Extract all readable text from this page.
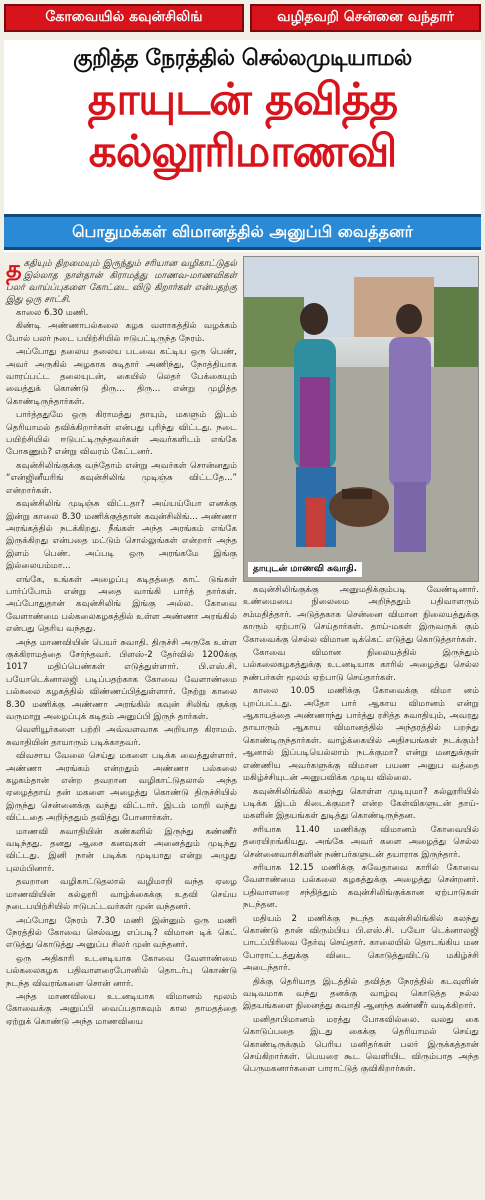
கோவையில் கவுன்சிலிங்	வழிதவறி சென்னை வந்தார்
குறித்த நேரத்தில் செல்லமுடியாமல்
தாயுடன் தவித்த
கல்லூரிமாணவி
பொதுமக்கள் விமானத்தில் அனுப்பி வைத்தனர்

தகதியும் திறமையும் இருந்தும் சரியான வழிகாட்டுதல் இல்லாத நாள்தான் கிராமத்து மாணவ-மாணவிகள் பலர் வாய்ப்புகளை கோட்டை விடு கிறார்கள் என்பதற்கு இது ஒரு சாட்சி.

காலை 6.30 மணி.

கிண்டி அண்ணாபல்கலை கழக வளாகத்தில் வழக்கம் போல் பலர் நடை பயிற்சியில் ஈடுபட்டிருந்த நேரம்.

அப்போது தலைய தலைய படவை கட்டிய ஒரு பெண், அவர் அருகில் அழகாக சுடிதார் அணிந்து, நோத்தியாக வாரப்பட்ட தலையுடன், கையில் லெதர் பேக்கையும் வைத்துக் கொண்டு திரு... திரு... என்று முழித்த கொண்டிருந்தார்கள்.

பார்த்ததுமே ஒரு கிராமத்து தாயும், மகளும் இடம் தெரியாமல் தவிக்கிறார்கள் என்பது புரிந்து விட்டது. நடை பயிற்சியில் ஈடுபட்டிருந்தவர்கள் அவர்களிடம் எங்கே போகணும்? என்று விவரம் கேட்டனர்.

கவுன்சிலிங்குக்கு வந்தோம் என்று அவர்கள் சொன்னதும் “என்ஜினீயரிங் கவுன்சிலிங் முடிஞ்சு விட்டதே...” என்றார்கள்.

கவுன்சிலிங் முடிஞ்சு விட்டதா? அய்யய்யோ எனக்கு இன்று காலை 8.30 மணிக்குத்தான் கவுன்சிலிங்... அண்ணா அரங்கத்தில் நடக்கிறது. நீங்கள் அந்த அரங்கம் எங்கே இருக்கிறது என்பதை மட்டும் சொல்லுங்கள் என்றார் அந்த இளம் பெண். அப்படி ஒரு அரங்கமே இங்கு இல்லையம்மா...

எங்கே, உங்கள் அழைப்பு கடிதத்தை காட் டுங்கள் பார்ப்போம் என்று அதை வாங்கி பார்த் தார்கள். அப்போதுதான் கவுன்சிலிங் இங்கு அல்ல. கோவை வேளாண்மை பல்கலைகழகத்தில் உள்ள அண்ணா அரங்கில் என்பது தெரிய வந்தது.

அந்த மாணவியின் பெயர் சுவாதி. திருச்சி அருகே உள்ள குக்கிராமத்தை சேர்ந்தவர். பிளஸ்-2 தேர்வில் 1200க்கு 1017 மதிப்பெண்கள் எடுத்துள்ளார். பி.எஸ்.சி. பயோடெக்னாலஜி படிப்பதற்காக கோவை வேளாண்மை பல்கலை கழகத்தில் விண்ணப்பித்துள்ளார். நேற்று காலை 8.30 மணிக்கு அண்ணா அரங்கில் கவுன் சிலிங் குக்கு வருமாறு அழைப்புக் கடிதம் அனுப்பி இருந் தார்கள்.

வெளியூர்களை பற்றி அவ்வளவாக அறியாத கிராமம். சுவாதியின் தாயாரும் படிக்காதவர்.

விவசாய வேலை செய்து மகளை படிக்க வைத்துள்ளார். அண்ணா அரங்கம் என்றதும் அண்ணா பல்கலை கழகம்தான் என்ற தவறான வழிகாட்டுதலால் அந்த ஏழைத்தாய் தன் மகளை அழைத்து கொண்டு திருச்சியில் இருந்து சென்னைக்கு வந்து விட்டார். இடம் மாறி வந்து விட்டதை அறிந்ததும் தவித்து போனார்கள்.

மாணவி சுவாதியின் கண்களில் இருந்து கண்ணீர் வடிந்தது. தனது ஆசை கனவுகள் அனைத்தும் முடிந்து விட்டது. இனி நான் படிக்க முடியாது என்று அழுது புலம்பினார்.

தவறான வழிகாட்டுதலால் வழிமாறி வந்த ஏழை மாணவியின் கல்லூரி வாழ்க்கைக்கு உதவி செய்ய நடைபயிற்சியில் ஈடுபட்டவர்கள் முன் வந்தனர்.

அப்போது நேரம் 7.30 மணி இன்னும் ஒரு மணி நேரத்தில் கோவை செல்வது எப்படி? விமான டிக் கெட் எடுத்து கொடுத்து அனுப்ப சிலர் முன் வந்தனர்.

ஒரு அதிகாரி உடனடியாக கோவை வேளாண்மை பல்கலைகழக பதிவாளரைபோனில் தொடர்பு கொண்டு நடந்த விவரங்களை சொன் னார்.

அந்த மாணவியை உடனடியாக விமானம் மூலம் கோவைக்கு அனுப்பி வைப்பதாகவும் கால தாமதத்தை ஏற்றுக் கொண்டு அந்த மாணவியை

தாயுடன் மாணவி சுவாதி.

கவுன்சிலிங்குக்கு அனுமதிக்கும்படி வேண்டினார். உண்மையை நிலைமை அறிந்ததும் பதிவாளரும் சம்மதித்தார். அடுத்தகாக சென்னை விமான நிலையத்துக்கு காரும் ஏற்பாடு செய்தார்கள். தாய்-மகள் இருவருக் கும் கோவைக்கு செல்ல விமான டிக்கெட் எடுத்து கொடுத்தார்கள்.

கோவை விமான நிலையத்தில் இருந்தும் பல்கலைகழகத்துக்கு உடனடியாக காரில் அழைத்து செல்ல நண்பர்கள் மூலம் ஏற்பாடு செய்தார்கள்.

காலை 10.05 மணிக்கு கோவைக்கு விமா னம் புறப்பட்டது. அதோ பார் ஆகாய விமானம் என்று ஆகாயத்தை அண்ணாந்து பார்த்து ரசித்த சுவாதியும், அவரது தாயாரும் ஆகாய விமானத்தில் அந்தரத்தில் பறந்து கொண்டிருந்தார்கள். வாழ்க்கையில் அதிசயங்கள் நடக்கும்! ஆனால் இப்படியெல்லாம் நடக்குமா? என்று மனதுக்குள் எண்ணிய அவர்களுக்கு விமான பயண அனுப வத்தை மகிழ்ச்சியுடன் அனுபவிக்க முடிய வில்லை.

கவுன்சிலிங்கில் கலந்து கொள்ள முடியுமா? கல்லூரியில் படிக்க இடம் கிடைக்குமா? என்ற கேள்விகளுடன் தாய்-மகளின் இதயங்கள் துடித்து கொண்டிருந்தன.

சரியாக 11.40 மணிக்கு விமானம் கோவையில் தரையிறங்கியது. அங்கே அவர் களை அழைத்து செல்ல சென்னைவாசிகளின் நண்பர்களுடன் தயாராக இருந்தார்.

சரியாக 12.15 மணிக்கு சுவேதாவை காரில் கோவை வேளாண்மை பல்கலை கழகத்துக்கு அழைத்து சென்றனர். பதிவாளரை சந்தித்தும் கவுன்சிலிங்குக்கான ஏற்பாடுகள் நடந்தன.

மதியம் 2 மணிக்கு நடந்த கவுன்சிலிங்கில் கலந்து கொண்டு தான் விரும்பிய பி.எஸ்.சி. பயோ டெக்னாலஜி பாடப்பிரிவை தேர்வு செய்தார். காலையில் தொடங்கிய மன போராட்டத்துக்கு விடை கொடுத்துவிட்டு மகிழ்ச்சி அடைந்தார்.

திக்கு தெரியாத இடத்தில் தவித்த நேரத்தில் கடவுளின் வடிவமாக வந்து தனக்கு வாழ்வு கொடுத்த நல்ல இதயங்களை நினைத்து சுவாதி ஆனந்த கண்ணீர் வடிக்கிறார்.

மனிதாபிமானம் மரத்து போகவில்லை. வலது கை கொடுப்பதை இடது கைக்கு தெரியாமல் செய்து கொண்டிருக்கும் பெரிய மனிதர்கள் பலர் இருக்கத்தான் செய்கிறார்கள். பெயரை கூட வெளியிட விரும்பாத அந்த பெருமகனார்களை பாராட்டுத் குவிகிறார்கள்.
